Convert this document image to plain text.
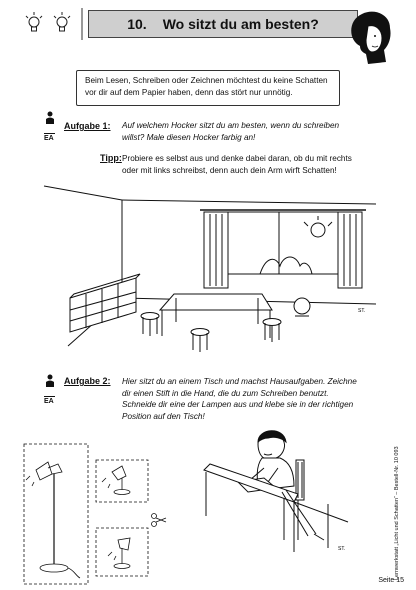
10. Wo sitzt du am besten?
Beim Lesen, Schreiben oder Zeichnen möchtest du keine Schatten vor dir auf dem Papier haben, denn das stört nur unnötig.
EA
Aufgabe 1: Auf welchem Hocker sitzt du am besten, wenn du schreiben willst? Male diesen Hocker farbig an!
Tipp: Probiere es selbst aus und denke dabei daran, ob du mit rechts oder mit links schreibst, denn auch dein Arm wirft Schatten!
ST.
EA
Aufgabe 2: Hier sitzt du an einem Tisch und machst Hausaufgaben. Zeichne dir einen Stift in die Hand, die du zum Schreiben benutzt. Schneide dir eine der Lampen aus und klebe sie in der richtigen Position auf den Tisch!
ST.	Lernwerkstatt „Licht und Schatten“ – Bestell-Nr. 10 093
Seite 15
